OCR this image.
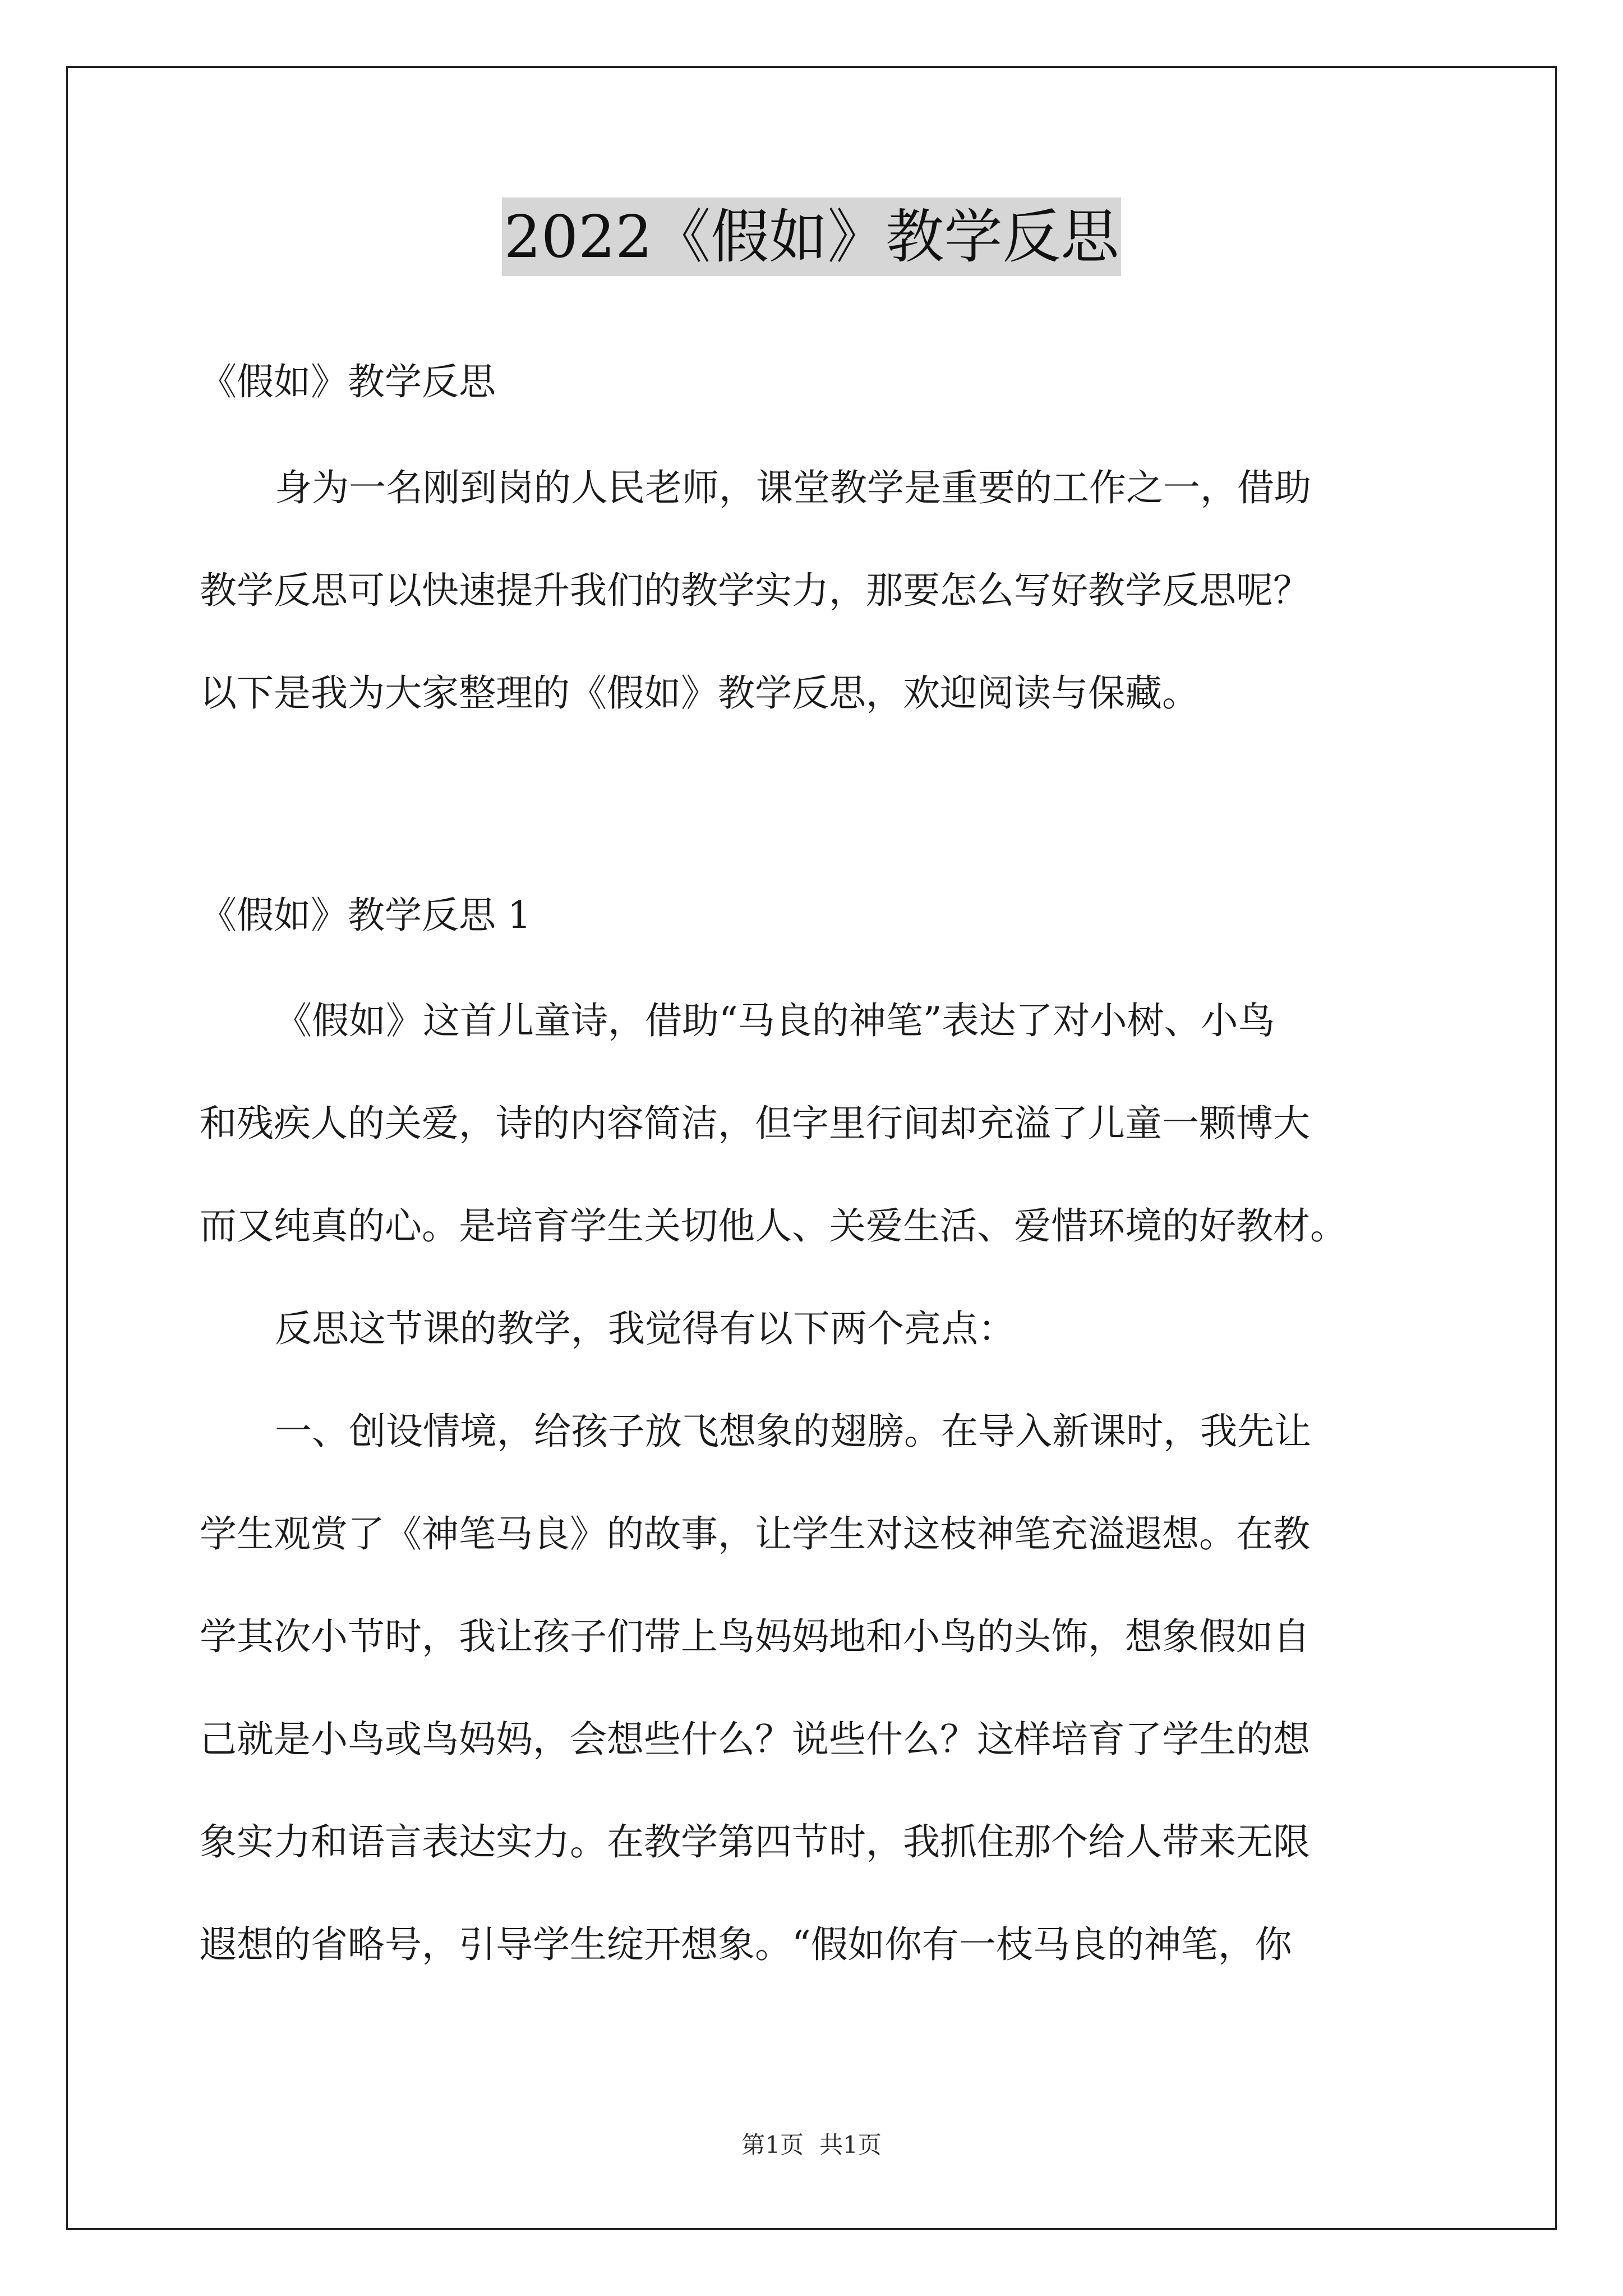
2022《假如》教学反思
《假如》教学反思
身为一名刚到岗的人民老师，课堂教学是重要的工作之一，借助
教学反思可以快速提升我们的教学实力，那要怎么写好教学反思呢？
以下是我为大家整理的《假如》教学反思，欢迎阅读与保藏。
《假如》教学反思 1
《假如》这首儿童诗，借助“马良的神笔”表达了对小树、小鸟
和残疾人的关爱，诗的内容简洁，但字里行间却充溢了儿童一颗博大
而又纯真的心。是培育学生关切他人、关爱生活、爱惜环境的好教材。
反思这节课的教学，我觉得有以下两个亮点：
一、创设情境，给孩子放飞想象的翅膀。在导入新课时，我先让
学生观赏了《神笔马良》的故事，让学生对这枝神笔充溢遐想。在教
学其次小节时，我让孩子们带上鸟妈妈地和小鸟的头饰，想象假如自
己就是小鸟或鸟妈妈，会想些什么？说些什么？这样培育了学生的想
象实力和语言表达实力。在教学第四节时，我抓住那个给人带来无限
遐想的省略号，引导学生绽开想象。“假如你有一枝马良的神笔，你
第1页 共1页
